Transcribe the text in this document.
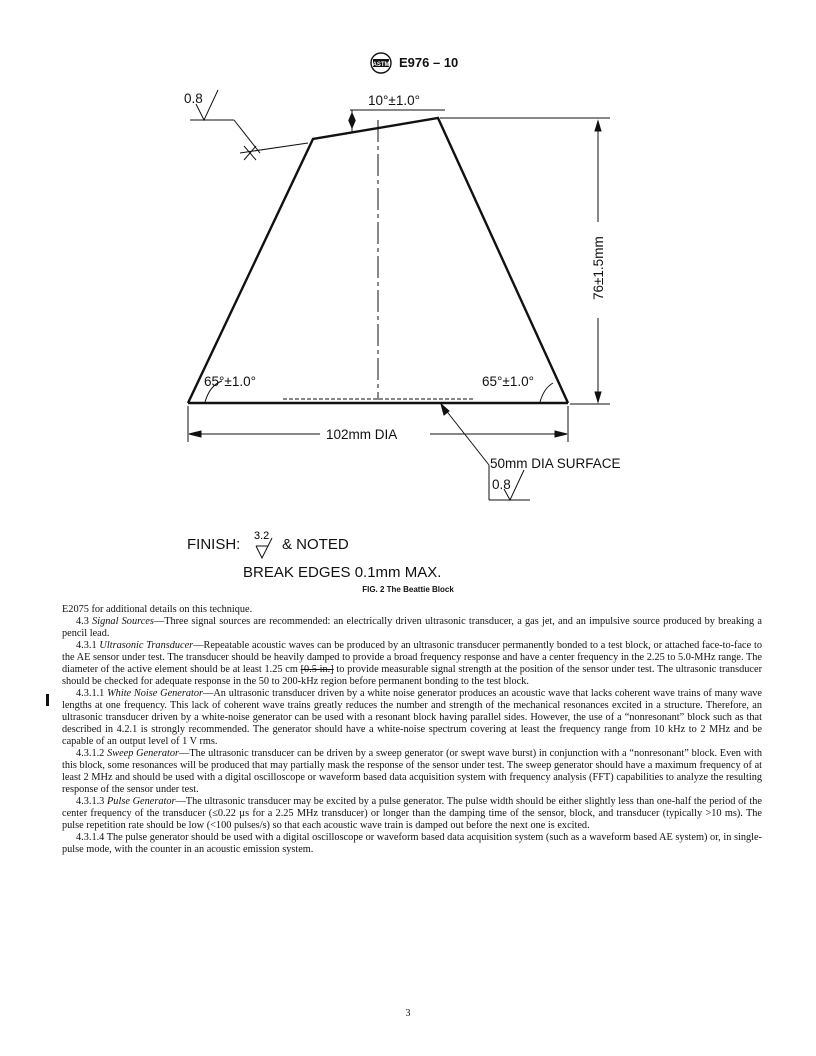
ASTM E976 – 10
10°±1.0°
0.8
65°±1.0°	65°±1.0°
102mm DIA
50mm DIA SURFACE
0.8
76±1.5mm
FINISH: 3.2 & NOTED
BREAK EDGES 0.1mm MAX.
FIG. 2 The Beattie Block

E2075 for additional details on this technique.

4.3 Signal Sources—Three signal sources are recommended: an electrically driven ultrasonic transducer, a gas jet, and an impulsive source produced by breaking a pencil lead.

4.3.1 Ultrasonic Transducer—Repeatable acoustic waves can be produced by an ultrasonic transducer permanently bonded to a test block, or attached face-to-face to the AE sensor under test. The transducer should be heavily damped to provide a broad frequency response and have a center frequency in the 2.25 to 5.0-MHz range. The diameter of the active element should be at least 1.25 cm [0.5 in.] to provide measurable signal strength at the position of the sensor under test. The ultrasonic transducer should be checked for adequate response in the 50 to 200-kHz region before permanent bonding to the test block.

4.3.1.1 White Noise Generator—An ultrasonic transducer driven by a white noise generator produces an acoustic wave that lacks coherent wave trains of many wave lengths at one frequency. This lack of coherent wave trains greatly reduces the number and strength of the mechanical resonances excited in a structure. Therefore, an ultrasonic transducer driven by a white-noise generator can be used with a resonant block having parallel sides. However, the use of a “nonresonant” block such as that described in 4.2.1 is strongly recommended. The generator should have a white-noise spectrum covering at least the frequency range from 10 kHz to 2 MHz and be capable of an output level of 1 V rms.

4.3.1.2 Sweep Generator—The ultrasonic transducer can be driven by a sweep generator (or swept wave burst) in conjunction with a “nonresonant” block. Even with this block, some resonances will be produced that may partially mask the response of the sensor under test. The sweep generator should have a maximum frequency of at least 2 MHz and should be used with a digital oscilloscope or waveform based data acquisition system with frequency analysis (FFT) capabilities to analyze the resulting response of the sensor under test.

4.3.1.3 Pulse Generator—The ultrasonic transducer may be excited by a pulse generator. The pulse width should be either slightly less than one-half the period of the center frequency of the transducer (≤0.22 µs for a 2.25 MHz transducer) or longer than the damping time of the sensor, block, and transducer (typically >10 ms). The pulse repetition rate should be low (<100 pulses/s) so that each acoustic wave train is damped out before the next one is excited.

4.3.1.4 The pulse generator should be used with a digital oscilloscope or waveform based data acquisition system (such as a waveform based AE system) or, in single-pulse mode, with the counter in an acoustic emission system.

3
